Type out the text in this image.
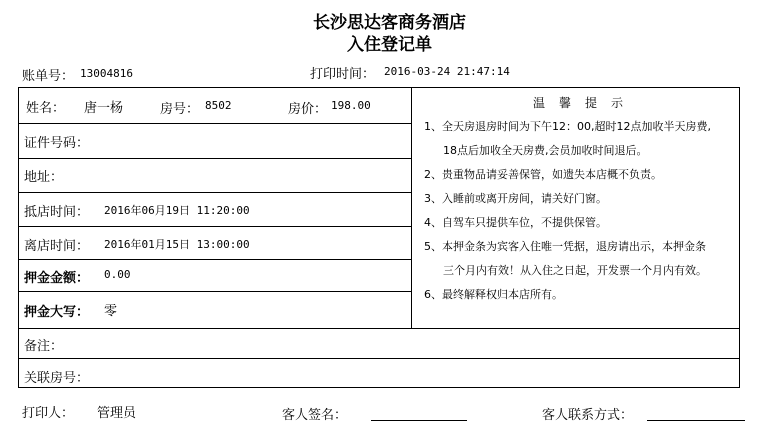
长沙思达客商务酒店
入住登记单
账单号： 13004816	打印时间： 2016-03-24 21:47:14
姓名： 唐一杨	房号： 8502	房价： 198.00
证件号码：
地址：
抵店时间： 2016年06月19日 11:20:00
离店时间： 2016年01月15日 13:00:00
押金金额： 0.00
押金大写： 零
备注：
关联房号：
温馨提示
1、全天房退房时间为下午12：00,超时12点加收半天房费,
18点后加收全天房费,会员加收时间退后。
2、贵重物品请妥善保管，如遗失本店概不负责。
3、入睡前或离开房间，请关好门窗。
4、自驾车只提供车位，不提供保管。
5、本押金条为宾客入住唯一凭据，退房请出示，本押金条
三个月内有效！从入住之日起，开发票一个月内有效。
6、最终解释权归本店所有。
打印人： 管理员	客人签名：	客人联系方式：
